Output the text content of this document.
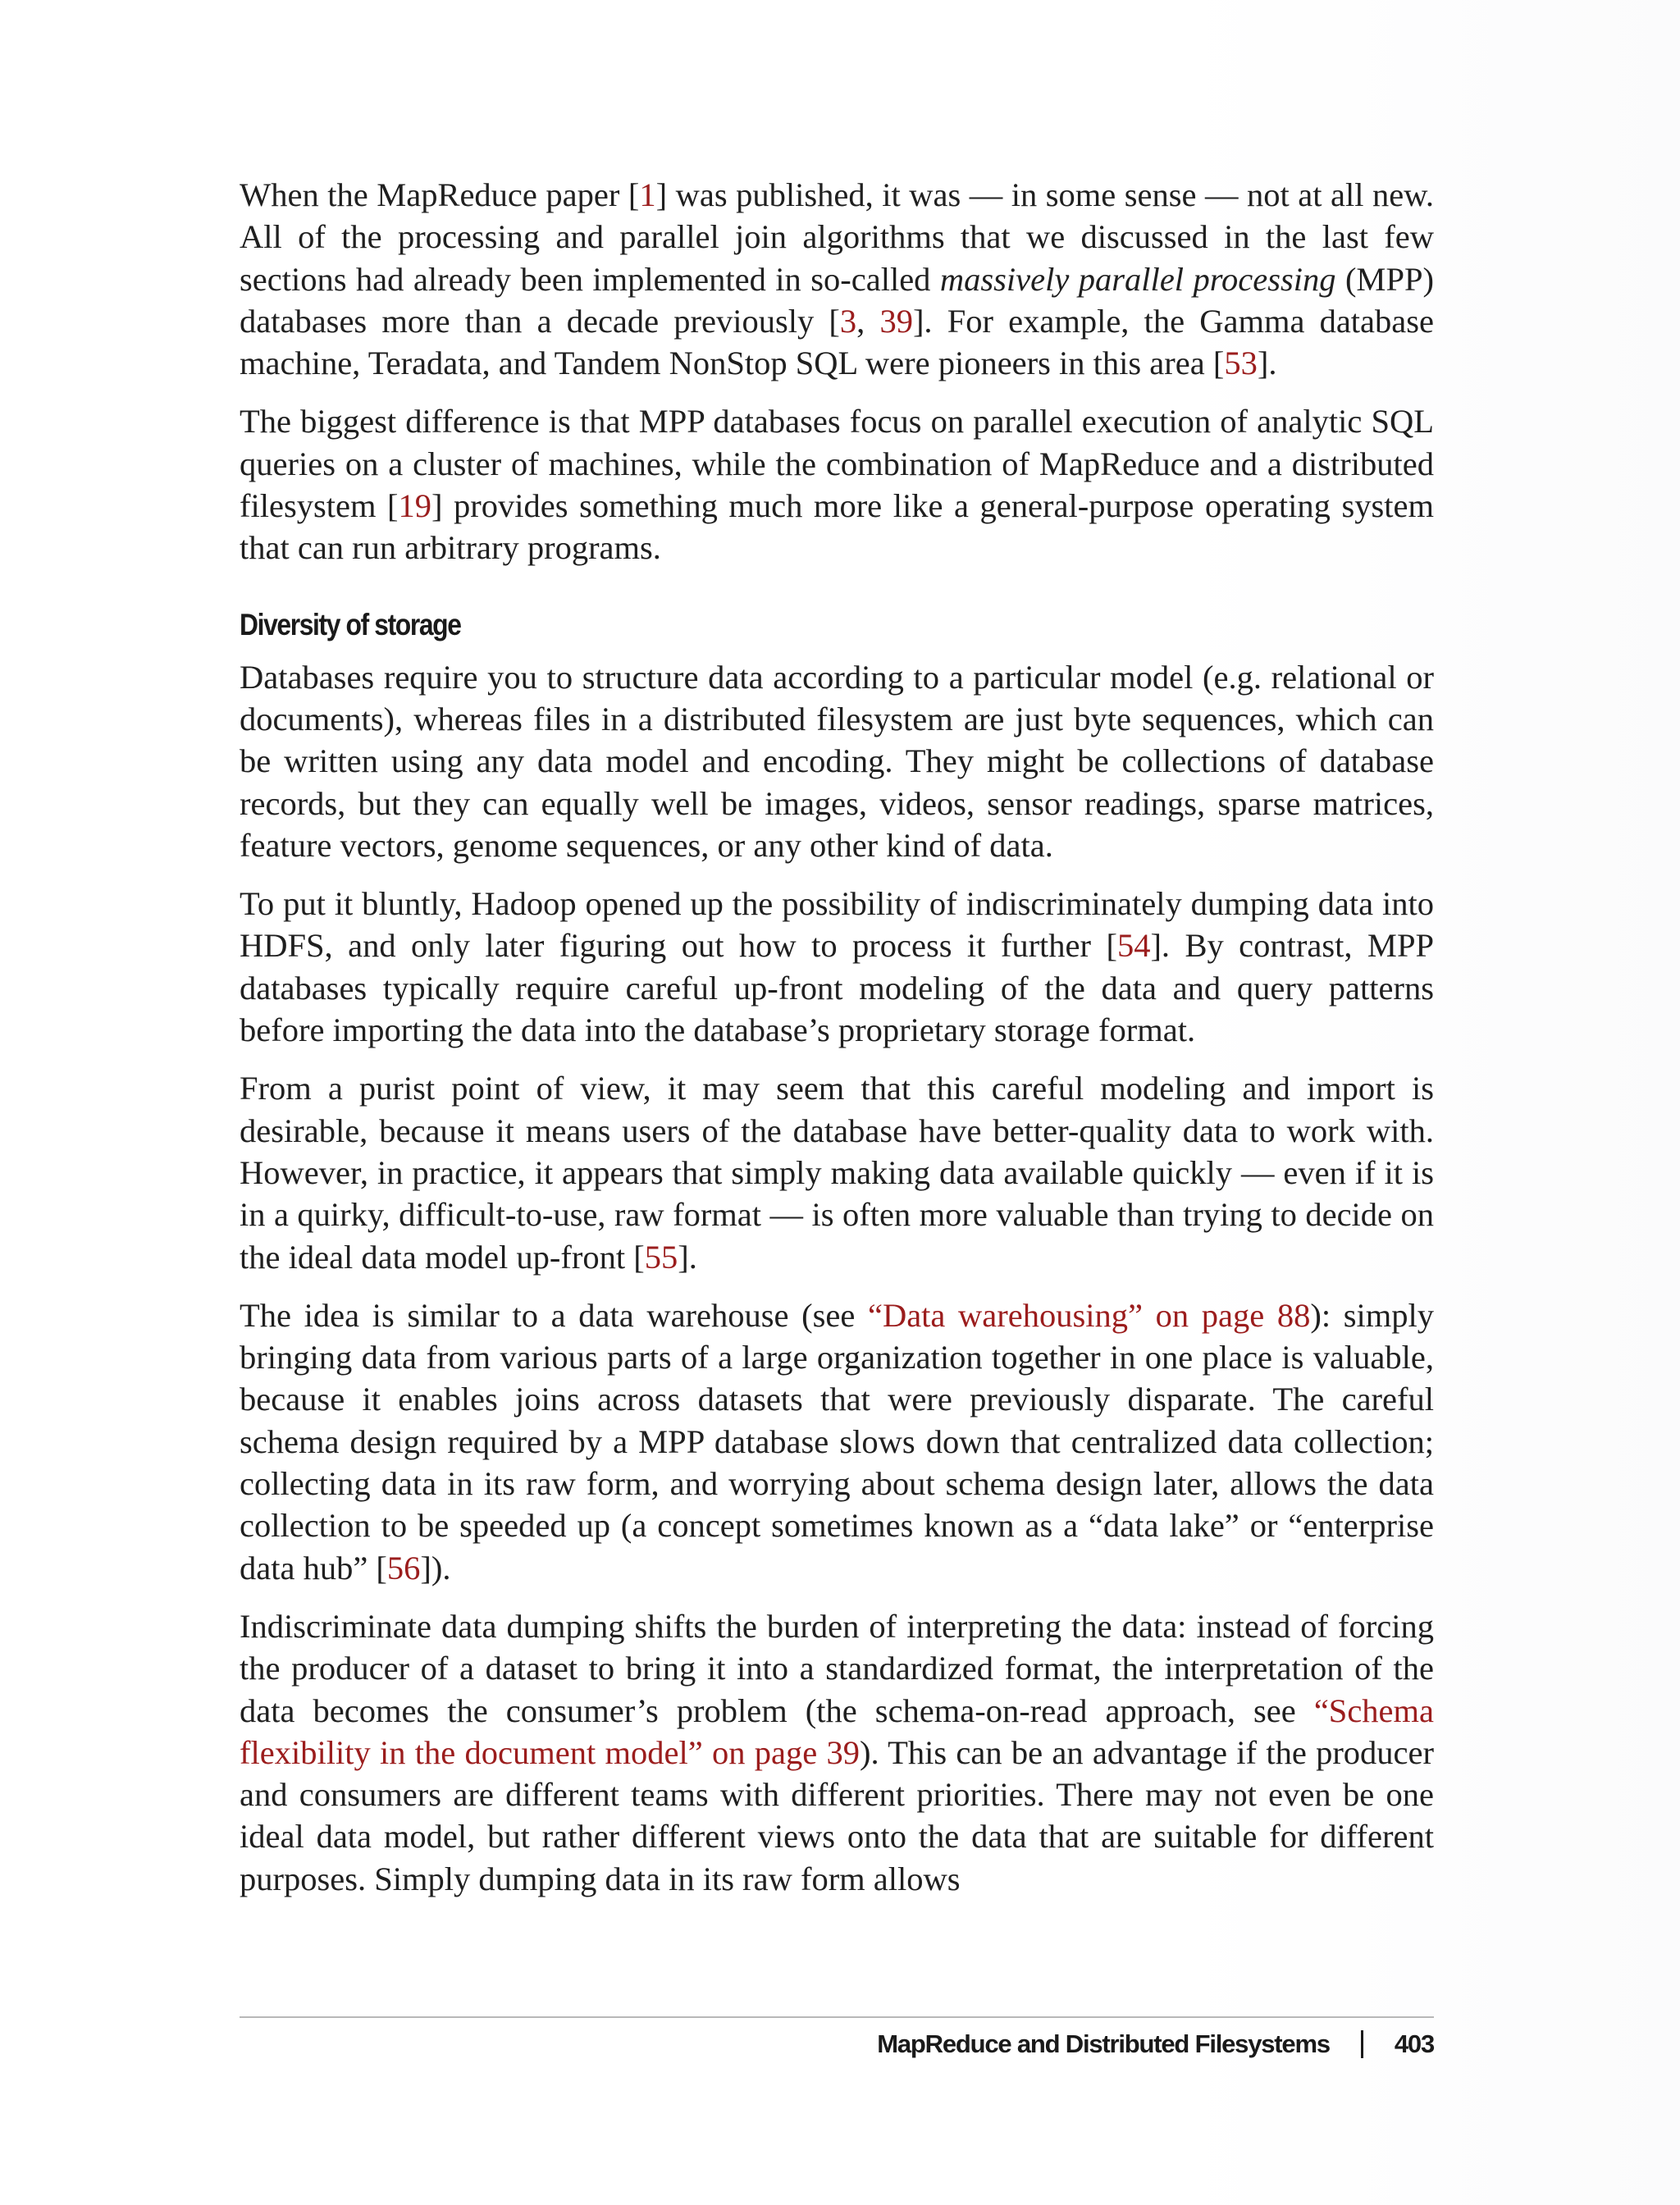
When the MapReduce paper [1] was published, it was — in some sense — not at all new. All of the processing and parallel join algorithms that we discussed in the last few sections had already been implemented in so-called massively parallel processing (MPP) databases more than a decade previously [3, 39]. For example, the Gamma database machine, Teradata, and Tandem NonStop SQL were pioneers in this area [53].

The biggest difference is that MPP databases focus on parallel execution of analytic SQL queries on a cluster of machines, while the combination of MapReduce and a distributed filesystem [19] provides something much more like a general-purpose operating system that can run arbitrary programs.

Diversity of storage

Databases require you to structure data according to a particular model (e.g. relational or documents), whereas files in a distributed filesystem are just byte sequences, which can be written using any data model and encoding. They might be collections of database records, but they can equally well be images, videos, sensor readings, sparse matrices, feature vectors, genome sequences, or any other kind of data.

To put it bluntly, Hadoop opened up the possibility of indiscriminately dumping data into HDFS, and only later figuring out how to process it further [54]. By contrast, MPP databases typically require careful up-front modeling of the data and query patterns before importing the data into the database’s proprietary storage format.

From a purist point of view, it may seem that this careful modeling and import is desirable, because it means users of the database have better-quality data to work with. However, in practice, it appears that simply making data available quickly — even if it is in a quirky, difficult-to-use, raw format — is often more valuable than trying to decide on the ideal data model up-front [55].

The idea is similar to a data warehouse (see “Data warehousing” on page 88): simply bringing data from various parts of a large organization together in one place is valuable, because it enables joins across datasets that were previously disparate. The careful schema design required by a MPP database slows down that centralized data collection; collecting data in its raw form, and worrying about schema design later, allows the data collection to be speeded up (a concept sometimes known as a “data lake” or “enterprise data hub” [56]).

Indiscriminate data dumping shifts the burden of interpreting the data: instead of forcing the producer of a dataset to bring it into a standardized format, the interpretation of the data becomes the consumer’s problem (the schema-on-read approach, see “Schema flexibility in the document model” on page 39). This can be an advantage if the producer and consumers are different teams with different priorities. There may not even be one ideal data model, but rather different views onto the data that are suitable for different purposes. Simply dumping data in its raw form allows

MapReduce and Distributed Filesystems	403
